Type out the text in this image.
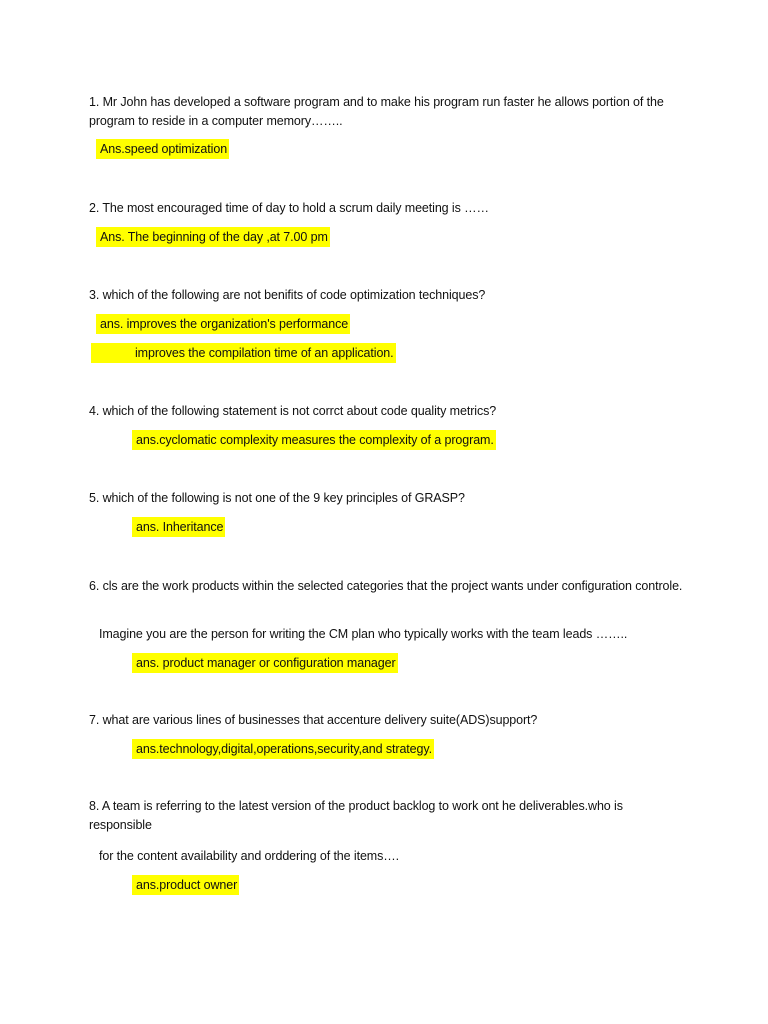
1. Mr John has developed a software program and to make his program run faster he allows portion of the program to reside in a computer memory……..
Ans.speed optimization
2. The most encouraged time of day to hold a scrum daily meeting is ……
Ans. The beginning of the day ,at 7.00 pm
3. which of the following are not benifits of code optimization techniques?
ans. improves the organization's performance
improves the compilation time of an application.
4. which of the following statement is not corrct about code quality metrics?
ans.cyclomatic complexity measures the complexity of a program.
5. which of the following is not one of the 9 key principles of GRASP?
ans. Inheritance
6. cls are the work products within the selected categories that the project wants under configuration controle.
Imagine you are the person for writing the CM plan who typically works with the team leads ……..
ans. product manager or configuration manager
7. what are various lines of businesses that accenture delivery suite(ADS)support?
ans.technology,digital,operations,security,and strategy.
8. A team is referring to the latest version of the product backlog to work ont he deliverables.who is responsible
for the content availability and orddering of the items….
ans.product owner
